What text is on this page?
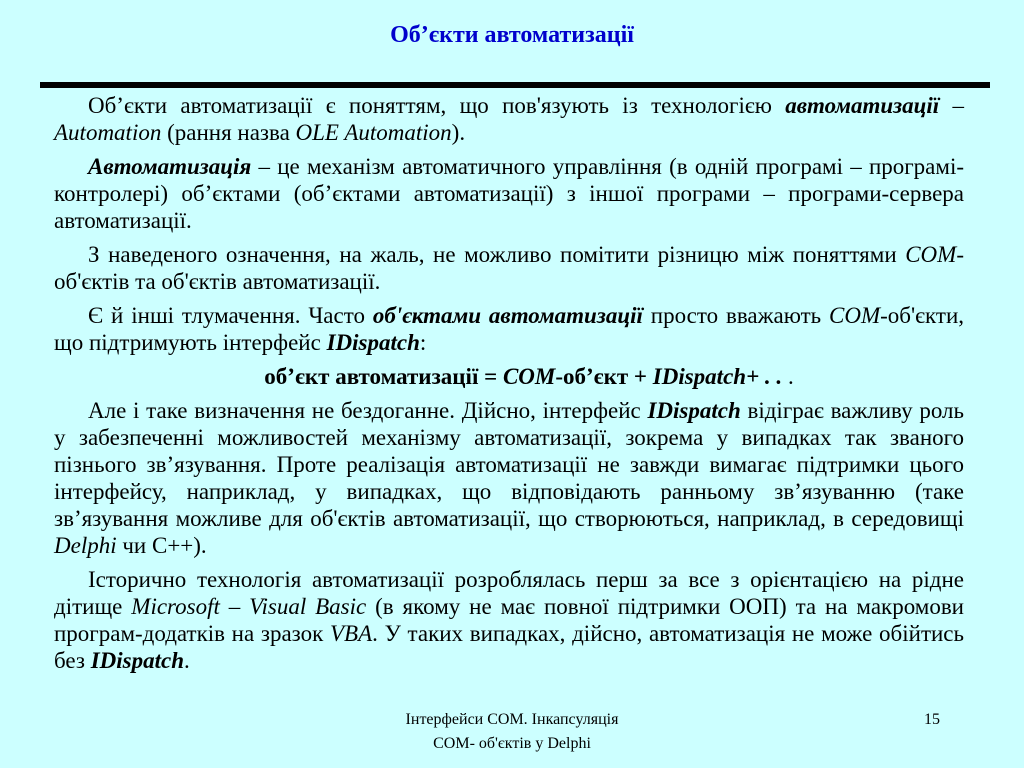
Об’єкти автоматизації

Об’єкти автоматизації є поняттям, що пов'язують із технологією автоматизації – Automation (рання назва OLE Automation).

Автоматизація – це механізм автоматичного управління (в одній програмі – програмі-контролері) об’єктами (об’єктами автоматизації) з іншої програми – програми-сервера автоматизації.

З наведеного означення, на жаль, не можливо помітити різницю між поняттями COM-об'єктів та об'єктів автоматизації.

Є й інші тлумачення. Часто об'єктами автоматизації просто вважають COM-об'єкти, що підтримують інтерфейс IDispatch:

об’єкт автоматизації = COM-об’єкт + IDispatch+ . . .

Але і таке визначення не бездоганне. Дійсно, інтерфейс IDispatch відіграє важливу роль у забезпеченні можливостей механізму автоматизації, зокрема у випадках так званого пізнього зв’язування. Проте реалізація автоматизації не завжди вимагає підтримки цього інтерфейсу, наприклад, у випадках, що відповідають ранньому зв’язуванню (таке зв’язування можливе для об'єктів автоматизації, що створюються, наприклад, в середовищі Delphi чи C++).

Історично технологія автоматизації розроблялась перш за все з орієнтацією на рідне дітище Microsoft – Visual Basic (в якому не має повної підтримки ООП) та на макромови програм-додатків на зразок VBA. У таких випадках, дійсно, автоматизація не може обійтись без IDispatch.

Інтерфейси COM. Інкапсуляція
COM- об'єктів у Delphi
15
